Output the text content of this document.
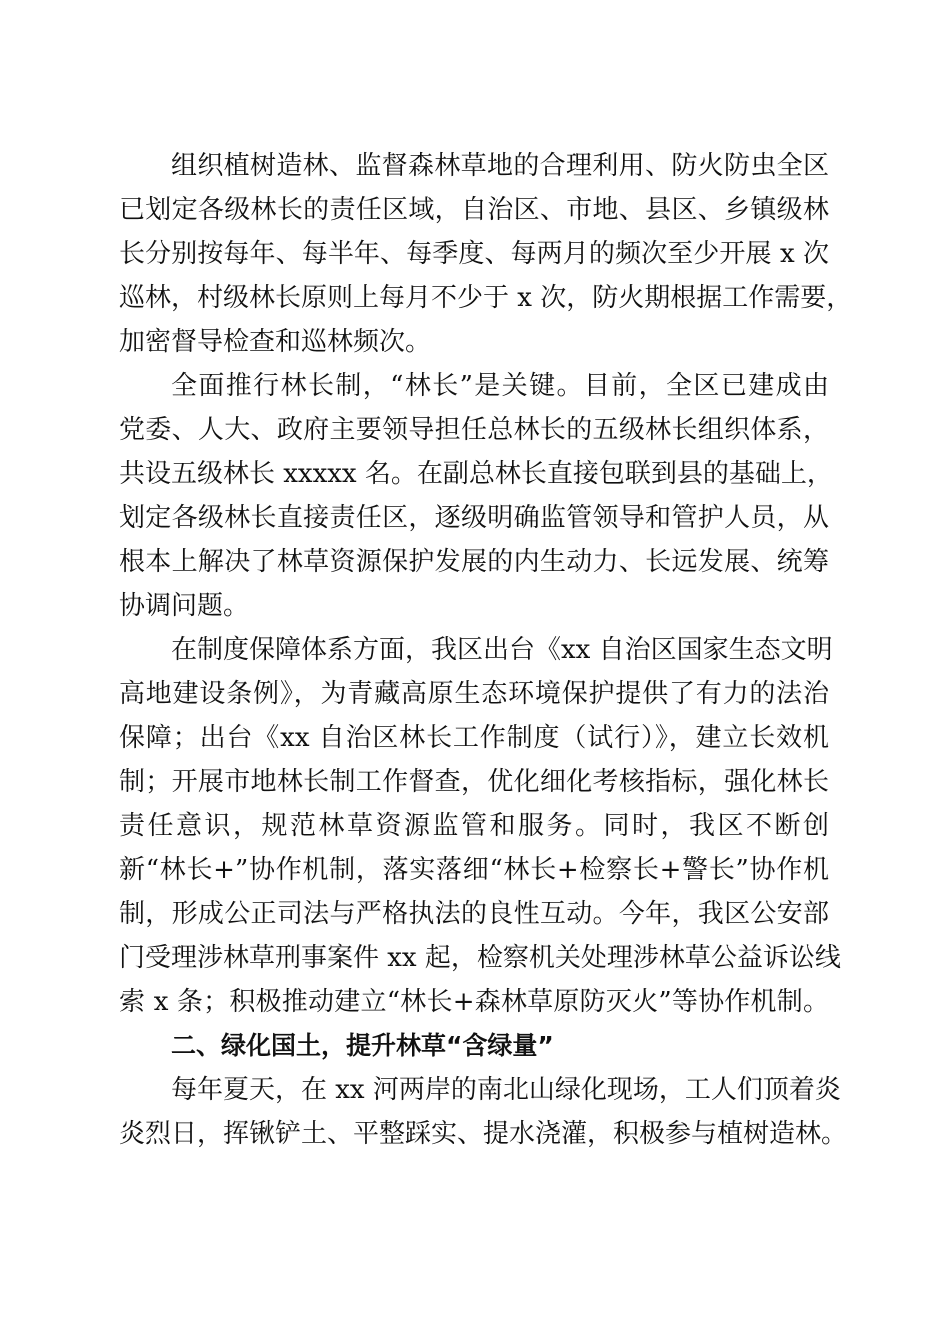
组织植树造林、监督森林草地的合理利用、防火防虫全区
已划定各级林长的责任区域，自治区、市地、县区、乡镇级林
长分别按每年、每半年、每季度、每两月的频次至少开展 x 次
巡林，村级林长原则上每月不少于 x 次，防火期根据工作需要，
加密督导检查和巡林频次。
全面推行林长制，“林长”是关键。目前，全区已建成由
党委、人大、政府主要领导担任总林长的五级林长组织体系，
共设五级林长 xxxxx 名。在副总林长直接包联到县的基础上，
划定各级林长直接责任区，逐级明确监管领导和管护人员，从
根本上解决了林草资源保护发展的内生动力、长远发展、统筹
协调问题。
在制度保障体系方面，我区出台《xx 自治区国家生态文明
高地建设条例》，为青藏高原生态环境保护提供了有力的法治
保障；出台《xx 自治区林长工作制度（试行）》，建立长效机
制；开展市地林长制工作督查，优化细化考核指标，强化林长
责任意识，规范林草资源监管和服务。同时，我区不断创
新“林长+”协作机制，落实落细“林长+检察长+警长”协作机
制，形成公正司法与严格执法的良性互动。今年，我区公安部
门受理涉林草刑事案件 xx 起，检察机关处理涉林草公益诉讼线
索 x 条；积极推动建立“林长+森林草原防灭火”等协作机制。
二、绿化国土，提升林草“含绿量”
每年夏天，在 xx 河两岸的南北山绿化现场，工人们顶着炎
炎烈日，挥锹铲土、平整踩实、提水浇灌，积极参与植树造林。
